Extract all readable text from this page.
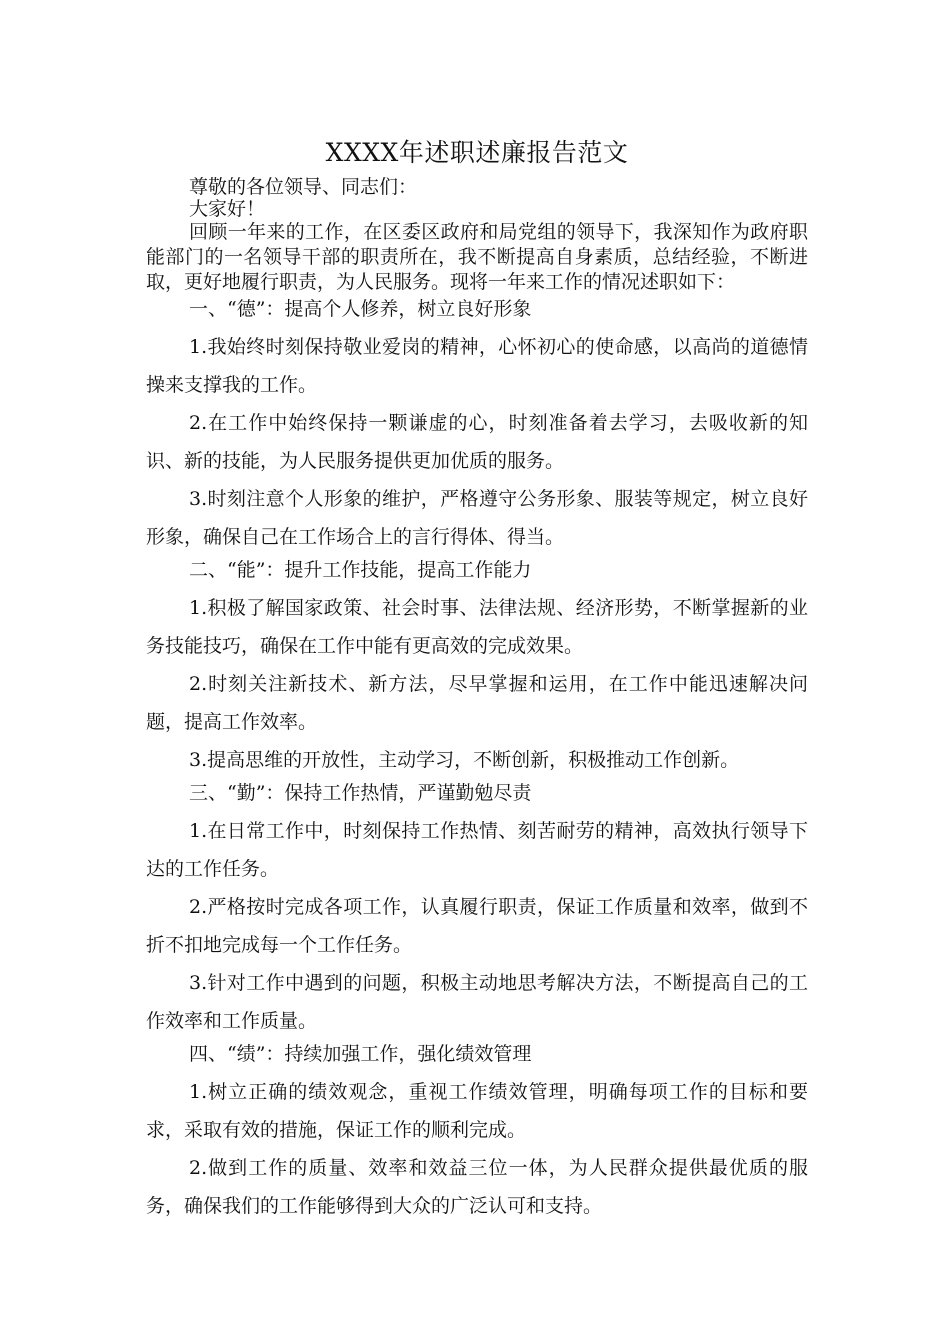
XXXX年述职述廉报告范文

尊敬的各位领导、同志们：

大家好！

回顾一年来的工作，在区委区政府和局党组的领导下，我深知作为政府职能部门的一名领导干部的职责所在，我不断提高自身素质，总结经验，不断进取，更好地履行职责，为人民服务。现将一年来工作的情况述职如下：

一、“德”：提高个人修养，树立良好形象

1.我始终时刻保持敬业爱岗的精神，心怀初心的使命感，以高尚的道德情操来支撑我的工作。

2.在工作中始终保持一颗谦虚的心，时刻准备着去学习，去吸收新的知识、新的技能，为人民服务提供更加优质的服务。

3.时刻注意个人形象的维护，严格遵守公务形象、服装等规定，树立良好形象，确保自己在工作场合上的言行得体、得当。

二、“能”：提升工作技能，提高工作能力

1.积极了解国家政策、社会时事、法律法规、经济形势，不断掌握新的业务技能技巧，确保在工作中能有更高效的完成效果。

2.时刻关注新技术、新方法，尽早掌握和运用，在工作中能迅速解决问题，提高工作效率。

3.提高思维的开放性，主动学习，不断创新，积极推动工作创新。

三、“勤”：保持工作热情，严谨勤勉尽责

1.在日常工作中，时刻保持工作热情、刻苦耐劳的精神，高效执行领导下达的工作任务。

2.严格按时完成各项工作，认真履行职责，保证工作质量和效率，做到不折不扣地完成每一个工作任务。

3.针对工作中遇到的问题，积极主动地思考解决方法，不断提高自己的工作效率和工作质量。

四、“绩”：持续加强工作，强化绩效管理

1.树立正确的绩效观念，重视工作绩效管理，明确每项工作的目标和要求，采取有效的措施，保证工作的顺利完成。

2.做到工作的质量、效率和效益三位一体，为人民群众提供最优质的服务，确保我们的工作能够得到大众的广泛认可和支持。
